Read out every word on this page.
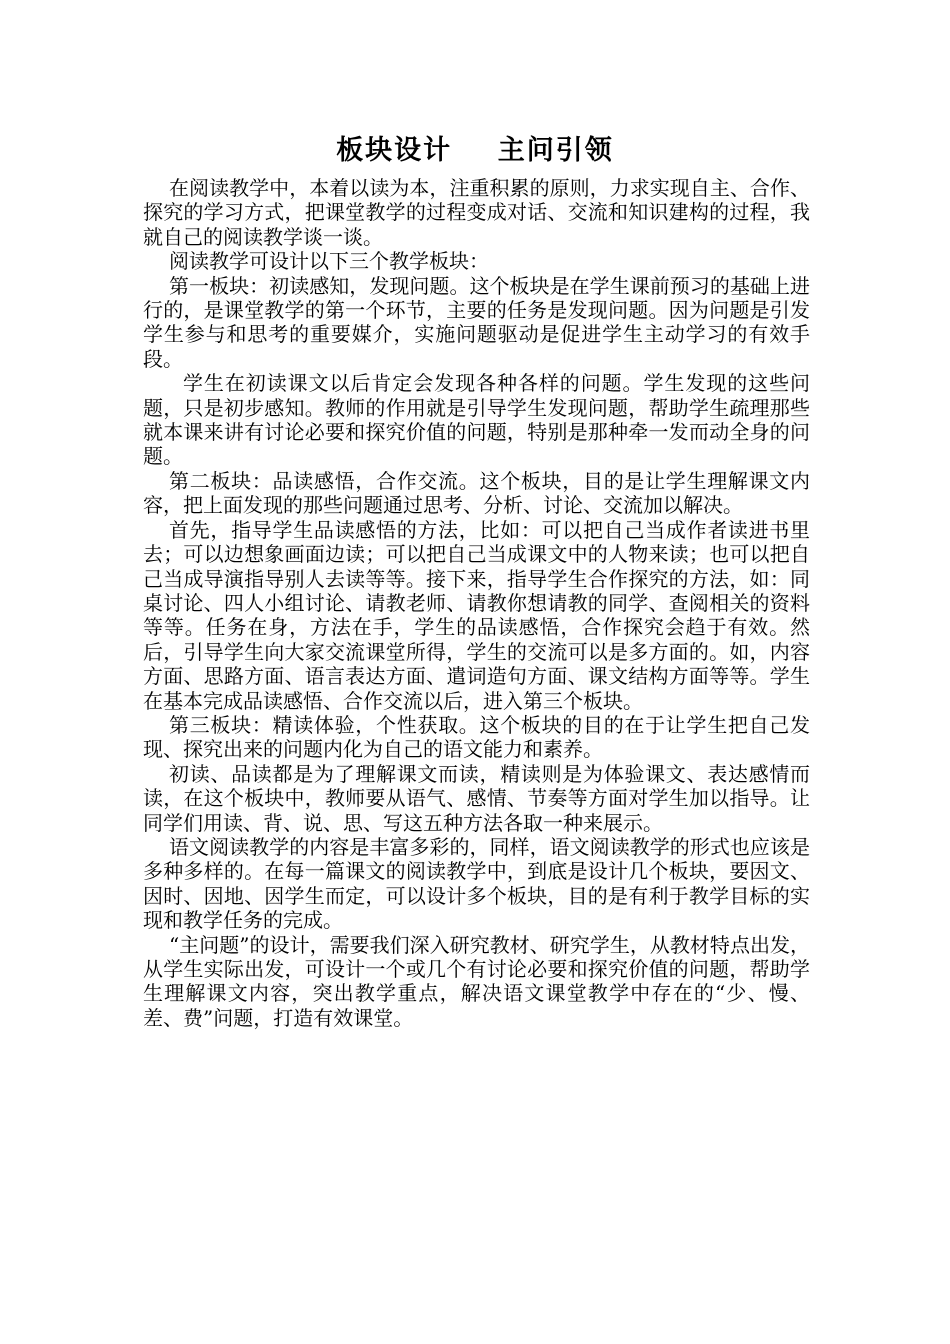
板块设计    主问引领

在阅读教学中，本着以读为本，注重积累的原则，力求实现自主、合作、探究的学习方式，把课堂教学的过程变成对话、交流和知识建构的过程，我就自己的阅读教学谈一谈。

阅读教学可设计以下三个教学板块：

第一板块：初读感知，发现问题。这个板块是在学生课前预习的基础上进行的，是课堂教学的第一个环节，主要的任务是发现问题。因为问题是引发学生参与和思考的重要媒介，实施问题驱动是促进学生主动学习的有效手段。

学生在初读课文以后肯定会发现各种各样的问题。学生发现的这些问题，只是初步感知。教师的作用就是引导学生发现问题，帮助学生疏理那些就本课来讲有讨论必要和探究价值的问题，特别是那种牵一发而动全身的问题。

第二板块：品读感悟，合作交流。这个板块，目的是让学生理解课文内容，把上面发现的那些问题通过思考、分析、讨论、交流加以解决。

首先，指导学生品读感悟的方法，比如：可以把自己当成作者读进书里去；可以边想象画面边读；可以把自己当成课文中的人物来读；也可以把自己当成导演指导别人去读等等。接下来，指导学生合作探究的方法，如：同桌讨论、四人小组讨论、请教老师、请教你想请教的同学、查阅相关的资料等等。任务在身，方法在手，学生的品读感悟，合作探究会趋于有效。然后，引导学生向大家交流课堂所得，学生的交流可以是多方面的。如，内容方面、思路方面、语言表达方面、遣词造句方面、课文结构方面等等。学生在基本完成品读感悟、合作交流以后，进入第三个板块。

第三板块：精读体验，个性获取。这个板块的目的在于让学生把自己发现、探究出来的问题内化为自己的语文能力和素养。

初读、品读都是为了理解课文而读，精读则是为体验课文、表达感情而读，在这个板块中，教师要从语气、感情、节奏等方面对学生加以指导。让同学们用读、背、说、思、写这五种方法各取一种来展示。

语文阅读教学的内容是丰富多彩的，同样，语文阅读教学的形式也应该是多种多样的。在每一篇课文的阅读教学中，到底是设计几个板块，要因文、因时、因地、因学生而定，可以设计多个板块，目的是有利于教学目标的实现和教学任务的完成。

“主问题”的设计，需要我们深入研究教材、研究学生，从教材特点出发，从学生实际出发，可设计一个或几个有讨论必要和探究价值的问题，帮助学生理解课文内容，突出教学重点，解决语文课堂教学中存在的“少、慢、差、费”问题，打造有效课堂。
